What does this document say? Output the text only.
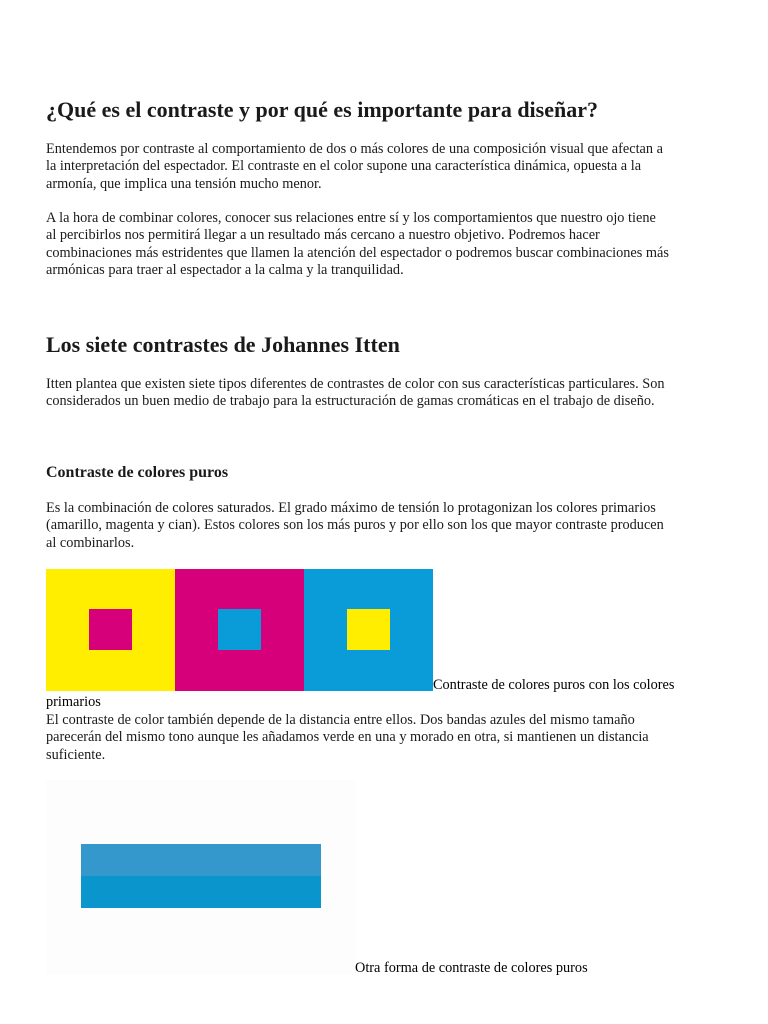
¿Qué es el contraste y por qué es importante para diseñar?

Entendemos por contraste al comportamiento de dos o más colores de una composición visual que afectan a
la interpretación del espectador. El contraste en el color supone una característica dinámica, opuesta a la
armonía, que implica una tensión mucho menor.

A la hora de combinar colores, conocer sus relaciones entre sí y los comportamientos que nuestro ojo tiene
al percibirlos nos permitirá llegar a un resultado más cercano a nuestro objetivo. Podremos hacer
combinaciones más estridentes que llamen la atención del espectador o podremos buscar combinaciones más
armónicas para traer al espectador a la calma y la tranquilidad.

Los siete contrastes de Johannes Itten

Itten plantea que existen siete tipos diferentes de contrastes de color con sus características particulares. Son
considerados un buen medio de trabajo para la estructuración de gamas cromáticas en el trabajo de diseño.

Contraste de colores puros

Es la combinación de colores saturados. El grado máximo de tensión lo protagonizan los colores primarios
(amarillo, magenta y cian). Estos colores son los más puros y por ello son los que mayor contraste producen
al combinarlos.

Contraste de colores puros con los colores primarios

El contraste de color también depende de la distancia entre ellos. Dos bandas azules del mismo tamaño
parecerán del mismo tono aunque les añadamos verde en una y morado en otra, si mantienen un distancia
suficiente.

Otra forma de contraste de colores puros
